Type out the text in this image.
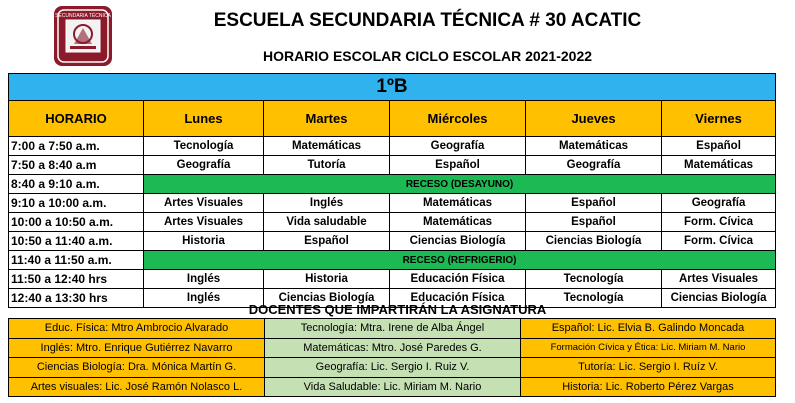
SECUNDARIA TÉCNICA	ESCUELA SECUNDARIA TÉCNICA # 30 ACATIC
HORARIO ESCOLAR CICLO ESCOLAR 2021-2022
1ºB					
HORARIO	Lunes	Martes	Miércoles	Jueves	Viernes
7:00 a 7:50 a.m.	Tecnología	Matemáticas	Geografía	Matemáticas	Español
7:50 a 8:40 a.m	Geografía	Tutoría	Español	Geografía	Matemáticas
8:40 a 9:10 a.m.	RECESO (DESAYUNO)				
9:10 a 10:00 a.m.	Artes Visuales	Inglés	Matemáticas	Español	Geografía
10:00 a 10:50 a.m.	Artes Visuales	Vida saludable	Matemáticas	Español	Form. Cívica
10:50 a 11:40 a.m.	Historia	Español	Ciencias Biología	Ciencias Biología	Form. Cívica
11:40 a 11:50 a.m.	RECESO (REFRIGERIO)				
11:50 a 12:40 hrs	Inglés	Historia	Educación Física	Tecnología	Artes Visuales
12:40 a 13:30 hrs	Inglés	Ciencias Biología	Educación Física	Tecnología	Ciencias Biología
DOCENTES QUE IMPARTIRÁN LA ASIGNATURA
Educ. Física: Mtro Ambrocio Alvarado	Tecnología: Mtra. Irene de Alba Ángel	Español: Lic. Elvia B. Galindo Moncada
Inglés: Mtro. Enrique Gutiérrez Navarro	Matemáticas: Mtro. José Paredes G.	Formación Cívica y Ética: Lic. Miriam M. Nario
Ciencias Biología: Dra. Mónica Martín G.	Geografía: Lic. Sergio I. Ruiz V.	Tutoría: Lic. Sergio I. Ruíz V.
Artes visuales: Lic. José Ramón Nolasco L.	Vida Saludable: Lic. Miriam M. Nario	Historia: Lic. Roberto Pérez Vargas
